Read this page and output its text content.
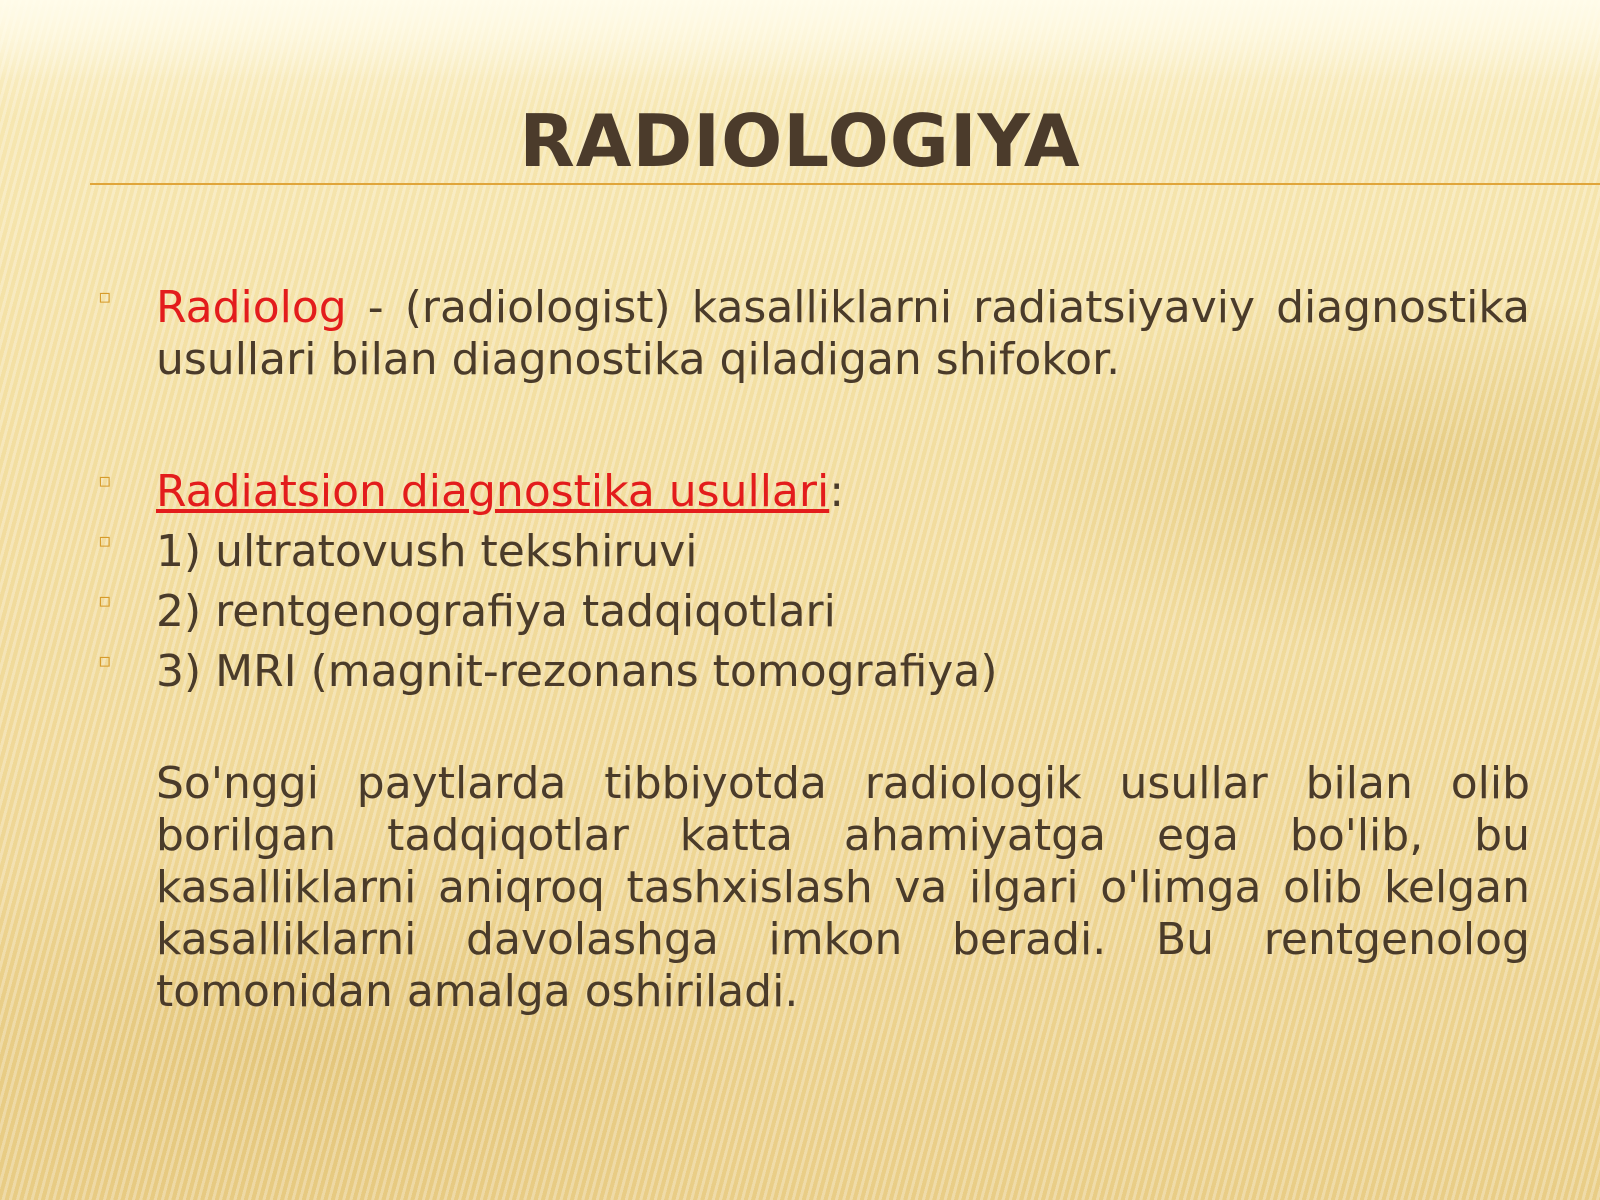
RADIOLOGIYA
▫ Radiolog - (radiologist) kasalliklarni radiatsiyaviy diagnostika usullari bilan diagnostika qiladigan shifokor.
▫ Radiatsion diagnostika usullari:
▫ 1) ultratovush tekshiruvi
▫ 2) rentgenografiya tadqiqotlari
▫ 3) MRI (magnit-rezonans tomografiya)
So'nggi paytlarda tibbiyotda radiologik usullar bilan olib borilgan tadqiqotlar katta ahamiyatga ega bo'lib, bu kasalliklarni aniqroq tashxislash va ilgari o'limga olib kelgan kasalliklarni davolashga imkon beradi. Bu rentgenolog tomonidan amalga oshiriladi.
